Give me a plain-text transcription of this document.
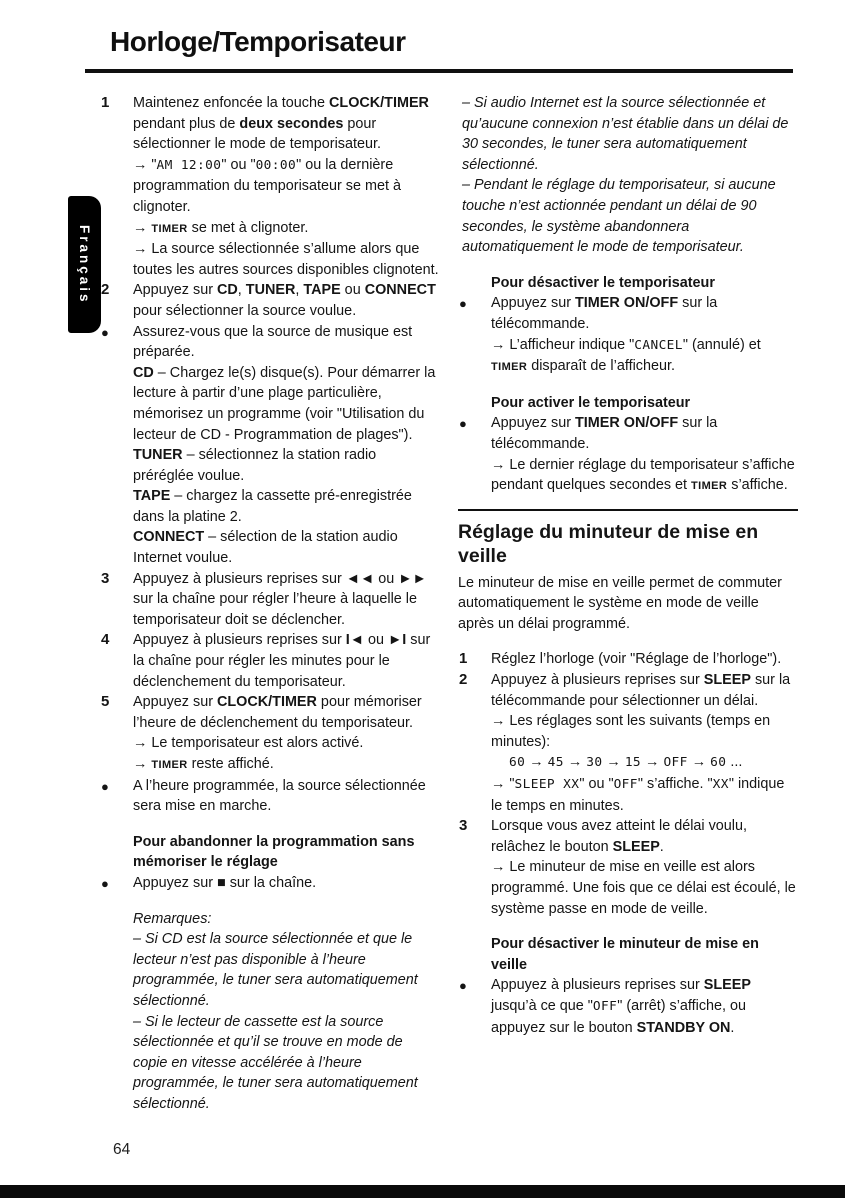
Horloge/Temporisateur
Français
1 Maintenez enfoncée la touche CLOCK/TIMER pendant plus de deux secondes pour sélectionner le mode de temporisateur.
→ "AM 12:00" ou "00:00" ou la dernière programmation du temporisateur se met à clignoter.
→ TIMER se met à clignoter.
→ La source sélectionnée s’allume alors que toutes les autres sources disponibles clignotent.
2 Appuyez sur CD, TUNER, TAPE ou CONNECT pour sélectionner la source voulue.
● Assurez-vous que la source de musique est préparée.
CD – Chargez le(s) disque(s). Pour démarrer la lecture à partir d’une plage particulière, mémorisez un programme (voir "Utilisation du lecteur de CD - Programmation de plages").
TUNER – sélectionnez la station radio préréglée voulue.
TAPE – chargez la cassette pré-enregistrée dans la platine 2.
CONNECT – sélection de la station audio Internet voulue.
3 Appuyez à plusieurs reprises sur ◄◄ ou ►► sur la chaîne pour régler l’heure à laquelle le temporisateur doit se déclencher.
4 Appuyez à plusieurs reprises sur I◄ ou ►I sur la chaîne pour régler les minutes pour le déclenchement du temporisateur.
5 Appuyez sur CLOCK/TIMER pour mémoriser l’heure de déclenchement du temporisateur.
→ Le temporisateur est alors activé.
→ TIMER reste affiché.
● A l’heure programmée, la source sélectionnée sera mise en marche.
Pour abandonner la programmation sans mémoriser le réglage
● Appuyez sur ■ sur la chaîne.
Remarques:
– Si CD est la source sélectionnée et que le lecteur n’est pas disponible à l’heure programmée, le tuner sera automatiquement sélectionné.
– Si le lecteur de cassette est la source sélectionnée et qu’il se trouve en mode de copie en vitesse accélérée à l’heure programmée, le tuner sera automatiquement sélectionné.
– Si audio Internet est la source sélectionnée et qu’aucune connexion n’est établie dans un délai de 30 secondes, le tuner sera automatiquement sélectionné.
– Pendant le réglage du temporisateur, si aucune touche n’est actionnée pendant un délai de 90 secondes, le système abandonnera automatiquement le mode de temporisateur.
Pour désactiver le temporisateur
● Appuyez sur TIMER ON/OFF sur la télécommande.
→ L’afficheur indique "CANCEL" (annulé) et TIMER disparaît de l’afficheur.
Pour activer le temporisateur
● Appuyez sur TIMER ON/OFF sur la télécommande.
→ Le dernier réglage du temporisateur s’affiche pendant quelques secondes et TIMER s’affiche.
Réglage du minuteur de mise en veille
Le minuteur de mise en veille permet de commuter automatiquement le système en mode de veille après un délai programmé.
1 Réglez l’horloge (voir "Réglage de l’horloge").
2 Appuyez à plusieurs reprises sur SLEEP sur la télécommande pour sélectionner un délai.
→ Les réglages sont les suivants (temps en minutes):
60 → 45 → 30 → 15 → OFF → 60 ...
→ "SLEEP XX" ou "OFF" s’affiche. "XX" indique le temps en minutes.
3 Lorsque vous avez atteint le délai voulu, relâchez le bouton SLEEP.
→ Le minuteur de mise en veille est alors programmé. Une fois que ce délai est écoulé, le système passe en mode de veille.
Pour désactiver le minuteur de mise en veille
● Appuyez à plusieurs reprises sur SLEEP jusqu’à ce que "OFF" (arrêt) s’affiche, ou appuyez sur le bouton STANDBY ON.
64
